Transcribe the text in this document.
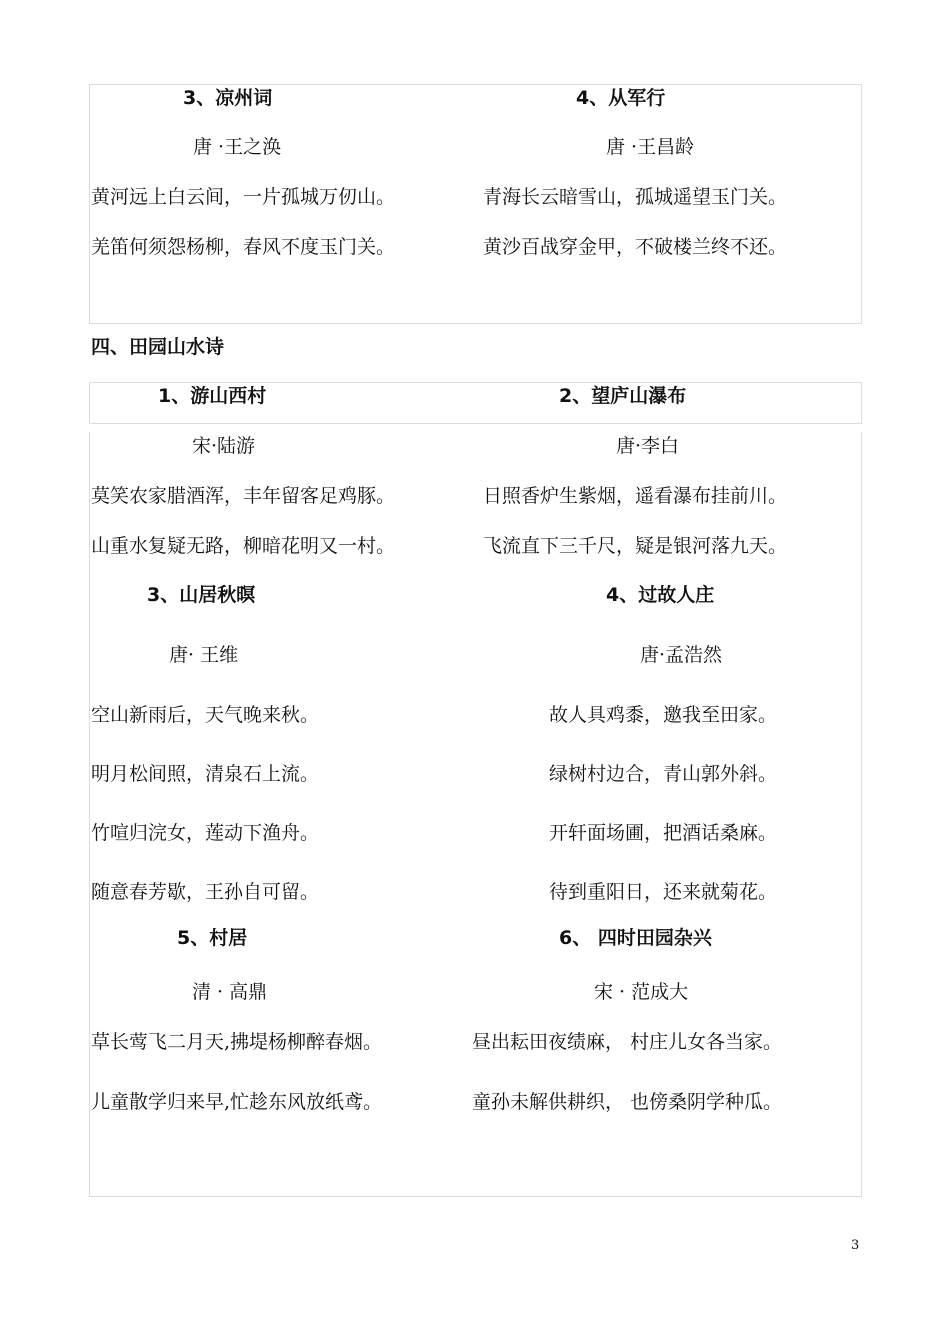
3、凉州词	4、从军行
唐 ·王之涣	唐 ·王昌龄
黄河远上白云间，一片孤城万仞山。	青海长云暗雪山，孤城遥望玉门关。
羌笛何须怨杨柳，春风不度玉门关。	黄沙百战穿金甲，不破楼兰终不还。
四、田园山水诗
1、游山西村	2、望庐山瀑布
宋·陆游	唐·李白
莫笑农家腊酒浑，丰年留客足鸡豚。	日照香炉生紫烟，遥看瀑布挂前川。
山重水复疑无路，柳暗花明又一村。	飞流直下三千尺，疑是银河落九天。
3、山居秋暝	4、过故人庄
唐· 王维	唐·孟浩然
空山新雨后，天气晚来秋。	故人具鸡黍，邀我至田家。
明月松间照，清泉石上流。	绿树村边合，青山郭外斜。
竹喧归浣女，莲动下渔舟。	开轩面场圃，把酒话桑麻。
随意春芳歇，王孙自可留。	待到重阳日，还来就菊花。
5、村居	6、 四时田园杂兴
清 · 高鼎	宋 · 范成大
草长莺飞二月天,拂堤杨柳醉春烟。	昼出耘田夜绩麻， 村庄儿女各当家。
儿童散学归来早,忙趁东风放纸鸢。	童孙未解供耕织， 也傍桑阴学种瓜。
3
